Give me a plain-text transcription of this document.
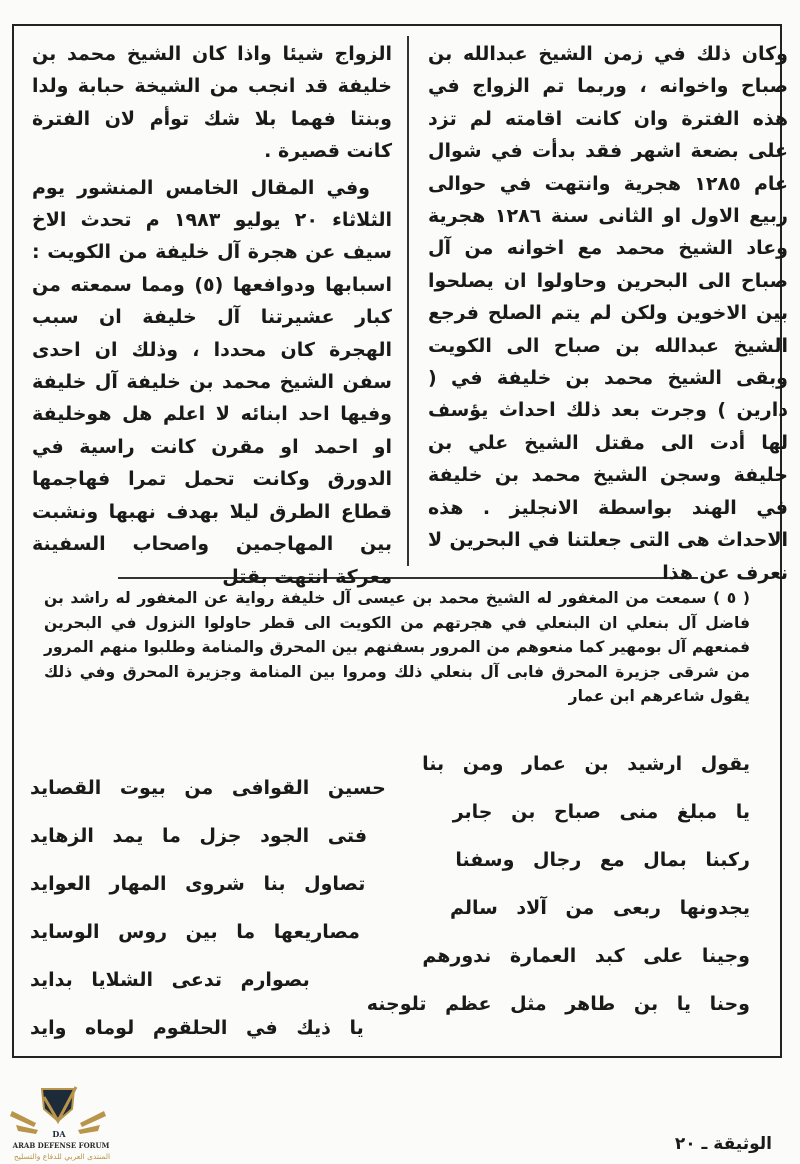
وكان ذلك في زمن الشيخ عبدالله بن صباح واخوانه ، وربما تم الزواج في هذه الفترة وان كانت اقامته لم تزد على بضعة اشهر فقد بدأت في شوال عام ١٢٨٥ هجرية وانتهت في حوالى ربيع الاول او الثانى سنة ١٢٨٦ هجرية وعاد الشيخ محمد مع اخوانه من آل صباح الى البحرين وحاولوا ان يصلحوا بين الاخوين ولكن لم يتم الصلح فرجع الشيخ عبدالله بن صباح الى الكويت وبقى الشيخ محمد بن خليفة في ( دارين ) وجرت بعد ذلك احداث يؤسف لها أدت الى مقتل الشيخ علي بن خليفة وسجن الشيخ محمد بن خليفة في الهند بواسطة الانجليز . هذه الاحداث هى التى جعلتنا في البحرين لا نعرف عن هذا

الزواج شيئا واذا كان الشيخ محمد بن خليفة قد انجب من الشيخة حبابة ولدا وبنتا فهما بلا شك توأم لان الفترة كانت قصيرة .

وفي المقال الخامس المنشور يوم الثلاثاء ٢٠ يوليو ١٩٨٣ م تحدث الاخ سيف عن هجرة آل خليفة من الكويت : اسبابها ودوافعها (٥) ومما سمعته من كبار عشيرتنا آل خليفة ان سبب الهجرة كان محددا ، وذلك ان احدى سفن الشيخ محمد بن خليفة آل خليفة وفيها احد ابنائه لا اعلم هل هوخليفة او احمد او مقرن كانت راسية في الدورق وكانت تحمل تمرا فهاجمها قطاع الطرق ليلا بهدف نهبها ونشبت بين المهاجمين واصحاب السفينة معركة انتهت بقتل

( ٥ ) سمعت من المغفور له الشيخ محمد بن عيسى آل خليفة رواية عن المغفور له راشد بن فاضل آل بنعلي ان البنعلي في هجرتهم من الكويت الى قطر حاولوا النزول في البحرين فمنعهم آل بومهير كما منعوهم من المرور بسفنهم بين المحرق والمنامة وطلبوا منهم المرور من شرقى جزيرة المحرق فابى آل بنعلي ذلك ومروا بين المنامة وجزيرة المحرق وفي ذلك يقول شاعرهم ابن عمار
يقول ارشيد بن عمار ومن بنا
حسين القوافى من بيوت القصايد
يا مبلغ منى صباح بن جابر
فتى الجود جزل ما يمد الزهايد
ركبنا بمال مع رجال وسفنا
تصاول بنا شروى المهار العوايد
يجدونها ربعى من آلاد سالم
مصاريعها ما بين روس الوسايد
وجينا على كبد العمارة ندورهم
بصوارم تدعى الشلايا بدايد
وحنا يا بن طاهر مثل عظم تلوجنه
يا ذيك في الحلقوم لوماه وايد
الوثيقة ـ ٢٠
DA
ARAB DEFENSE FORUM
المنتدى العربي للدفاع والتسليح
